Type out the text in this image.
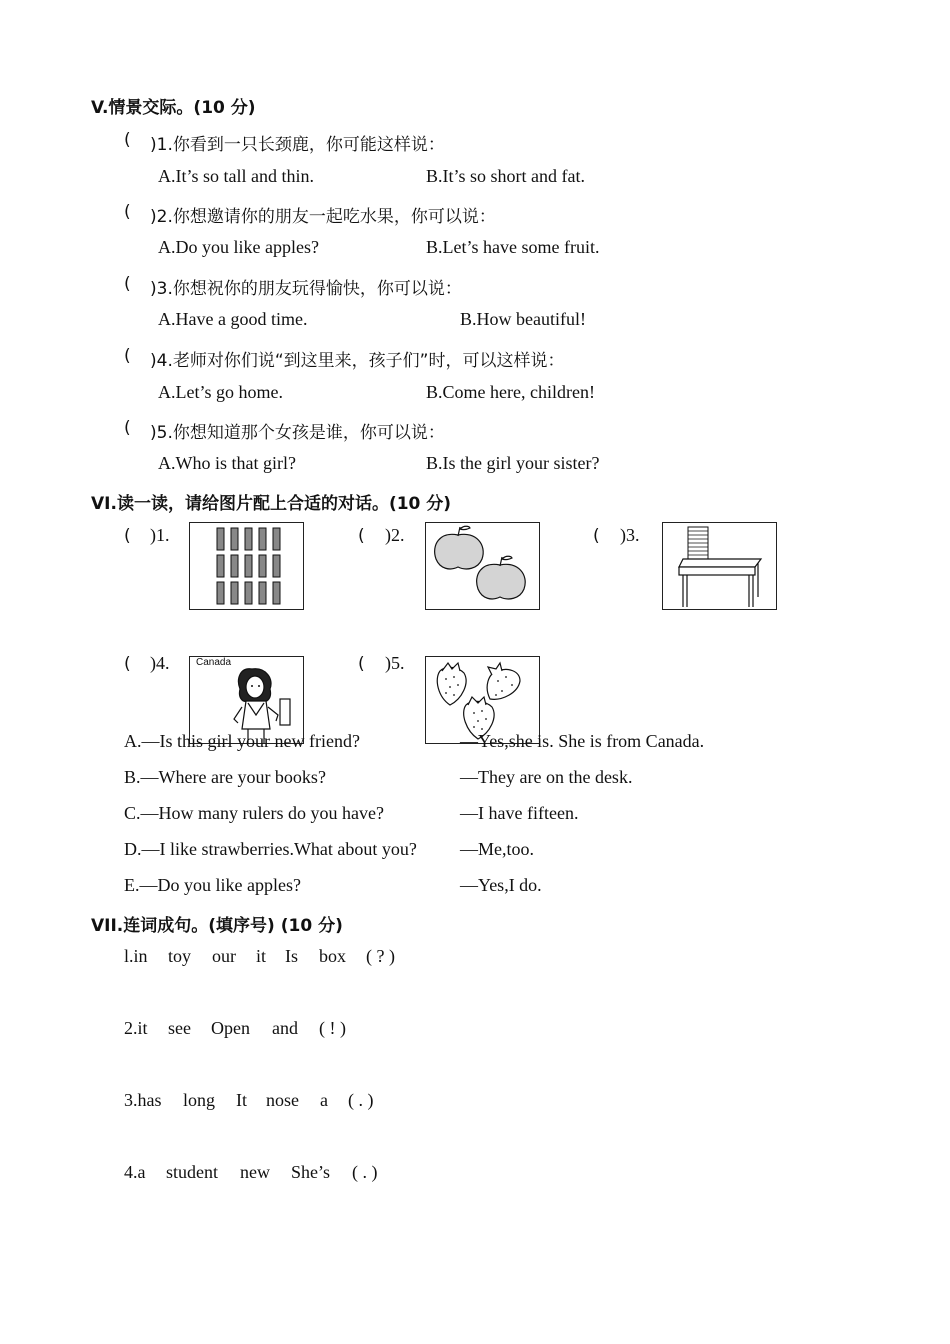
V.情景交际。(10 分)
( )1.你看到一只长颈鹿，你可能这样说：
A.It’s so tall and thin.	B.It’s so short and fat.
( )2.你想邀请你的朋友一起吃水果，你可以说：
A.Do you like apples?	B.Let’s have some fruit.
( )3.你想祝你的朋友玩得愉快，你可以说：
A.Have a good time.	B.How beautiful!
( )4.老师对你们说“到这里来，孩子们”时，可以这样说：
A.Let’s go home.	B.Come here, children!
( )5.你想知道那个女孩是谁，你可以说：
A.Who is that girl?	B.Is the girl your sister?
VI.读一读，请给图片配上合适的对话。(10 分)
( )1.	( )2.	( )3.
( )4.	Canada	( )5.
A.—Is this girl your new friend?	—Yes,she is. She is from Canada.
B.—Where are your books?	—They are on the desk.
C.—How many rulers do you have?	—I have fifteen.
D.—I like strawberries.What about you? —Me,too.
E.—Do you like apples?	—Yes,I do.
VII.连词成句。(填序号) (10 分)
l.in toy our it Is box ( ? )
2.it see Open and ( ! )
3.has long It nose a ( . )
4.a student new She’s ( . )
